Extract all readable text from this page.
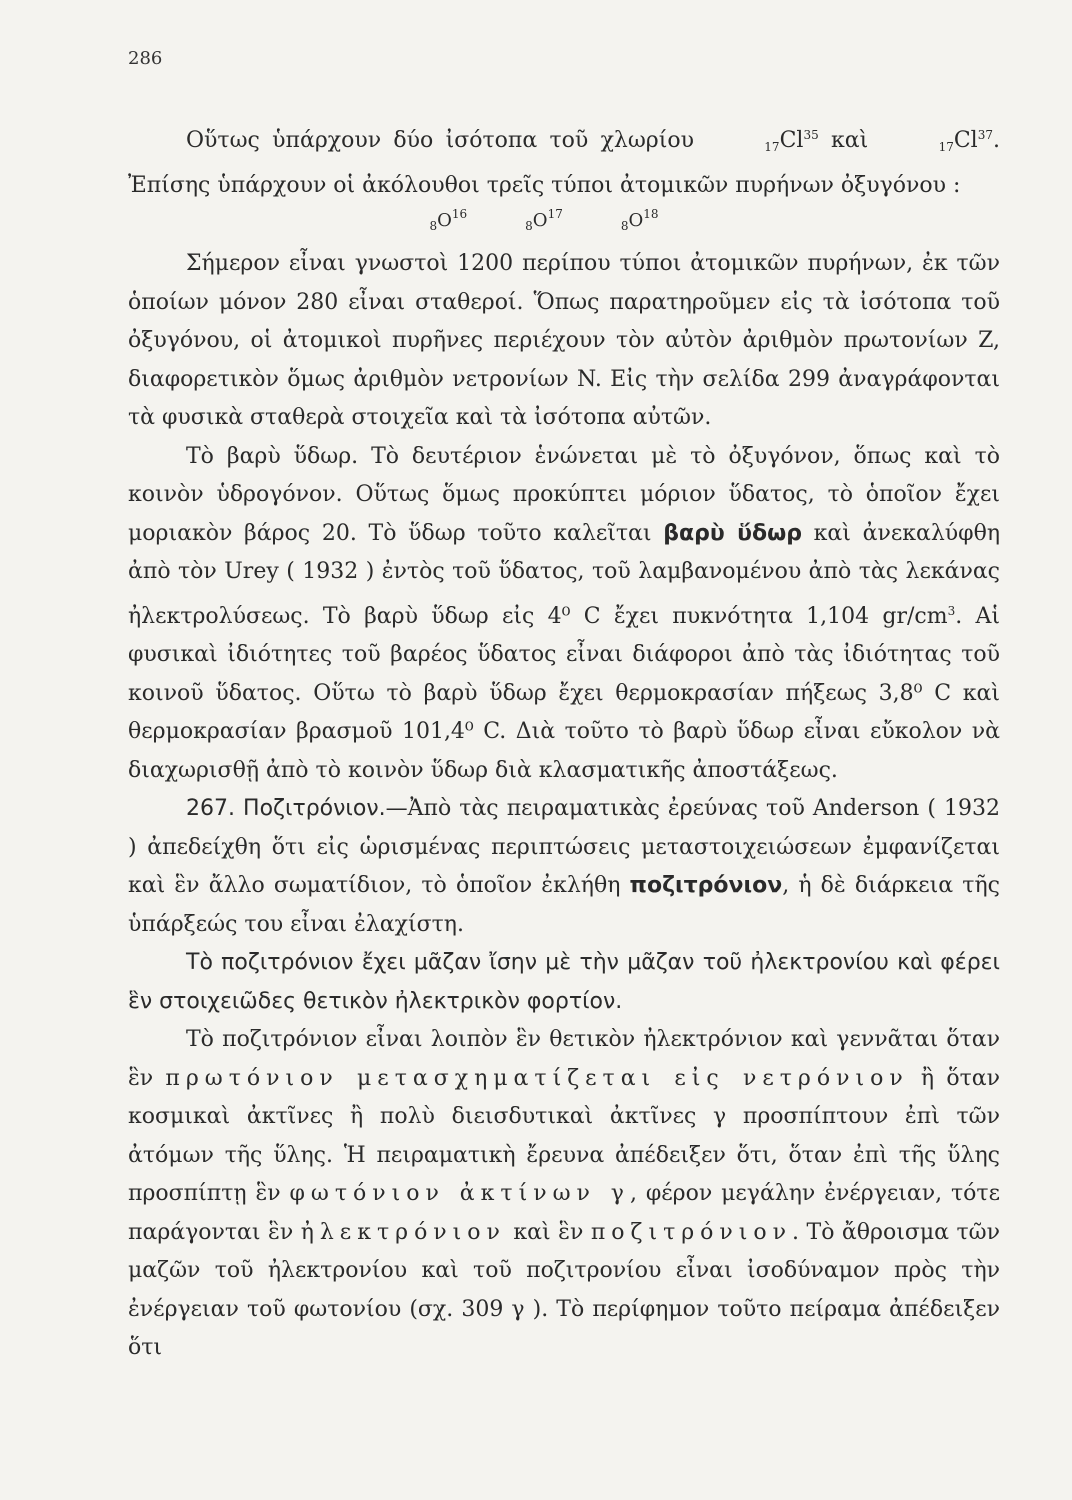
286

Οὕτως ὑπάρχουν δύο ἰσότοπα τοῦ χλωρίου	17Cl$^{35}$ καὶ	17Cl$^{37}$. Ἐπίσης ὑπάρχουν οἱ ἀκόλουθοι τρεῖς τύποι ἀτομικῶν πυρήνων ὀξυγόνου :

$_8O^{16}$
$_8O^{17}$
$_8O^{18}$

Σήμερον εἶναι γνωστοὶ 1200 περίπου τύποι ἀτομικῶν πυρήνων, ἐκ τῶν ὁποίων μόνον 280 εἶναι σταθεροί. Ὅπως παρατηροῦμεν εἰς τὰ ἰσότοπα τοῦ ὀξυγόνου, οἱ ἀτομικοὶ πυρῆνες περιέχουν τὸν αὐτὸν ἀριθμὸν πρωτονίων Z, διαφορετικὸν ὅμως ἀριθμὸν νετρονίων N. Εἰς τὴν σελίδα 299 ἀναγράφονται τὰ φυσικὰ σταθερὰ στοιχεῖα καὶ τὰ ἰσότοπα αὐτῶν.

Τὸ βαρὺ ὕδωρ. Τὸ δευτέριον ἑνώνεται μὲ τὸ ὀξυγόνον, ὅπως καὶ τὸ κοινὸν ὑδρογόνον. Οὕτως ὅμως προκύπτει μόριον ὕδατος, τὸ ὁποῖον ἔχει μοριακὸν βάρος 20. Τὸ ὕδωρ τοῦτο καλεῖται βαρὺ ὕδωρ καὶ ἀνεκαλύφθη ἀπὸ τὸν Urey ( 1932 ) ἐντὸς τοῦ ὕδατος, τοῦ λαμβανομένου ἀπὸ τὰς λεκάνας ἠλεκτρολύσεως. Τὸ βαρὺ ὕδωρ εἰς 4⁰ C ἔχει πυκνότητα 1,104 $gr/cm^3$. Αἱ φυσικαὶ ἰδιότητες τοῦ βαρέος ὕδατος εἶναι διάφοροι ἀπὸ τὰς ἰδιότητας τοῦ κοινοῦ ὕδατος. Οὕτω τὸ βαρὺ ὕδωρ ἔχει θερμοκρασίαν πήξεως 3,8⁰ C καὶ θερμοκρασίαν βρασμοῦ 101,4⁰ C. Διὰ τοῦτο τὸ βαρὺ ὕδωρ εἶναι εὔκολον νὰ διαχωρισθῇ ἀπὸ τὸ κοινὸν ὕδωρ διὰ κλασματικῆς ἀποστάξεως.

267. Ποζιτρόνιον.—Ἀπὸ τὰς πειραματικὰς ἐρεύνας τοῦ Anderson ( 1932 ) ἀπεδείχθη ὅτι εἰς ὡρισμένας περιπτώσεις μεταστοιχειώσεων ἐμφανίζεται καὶ ἓν ἄλλο σωματίδιον, τὸ ὁποῖον ἐκλήθη ποζιτρόνιον, ἡ δὲ διάρκεια τῆς ὑπάρξεώς του εἶναι ἐλαχίστη.

Τὸ ποζιτρόνιον ἔχει μᾶζαν ἴσην μὲ τὴν μᾶζαν τοῦ ἠλεκτρονίου καὶ φέρει ἓν στοιχειῶδες θετικὸν ἠλεκτρικὸν φορτίον.

Τὸ ποζιτρόνιον εἶναι λοιπὸν ἓν θετικὸν ἠλεκτρόνιον καὶ γεννᾶται ὅταν ἓν πρωτόνιον μετασχηματίζεται εἰς νετρόνιον ἢ ὅταν κοσμικαὶ ἀκτῖνες ἢ πολὺ διεισδυτικαὶ ἀκτῖνες γ προσπίπτουν ἐπὶ τῶν ἀτόμων τῆς ὕλης. Ἡ πειραματικὴ ἔρευνα ἀπέδειξεν ὅτι, ὅταν ἐπὶ τῆς ὕλης προσπίπτῃ ἓν φωτόνιον ἀκτίνων γ, φέρον μεγάλην ἐνέργειαν, τότε παράγονται ἓν ἠλεκτρόνιον καὶ ἓν ποζιτρόνιον. Τὸ ἄθροισμα τῶν μαζῶν τοῦ ἠλεκτρονίου καὶ τοῦ ποζιτρονίου εἶναι ἰσοδύναμον πρὸς τὴν ἐνέργειαν τοῦ φωτονίου (σχ. 309 γ ). Τὸ περίφημον τοῦτο πείραμα ἀπέδειξεν ὅτι
